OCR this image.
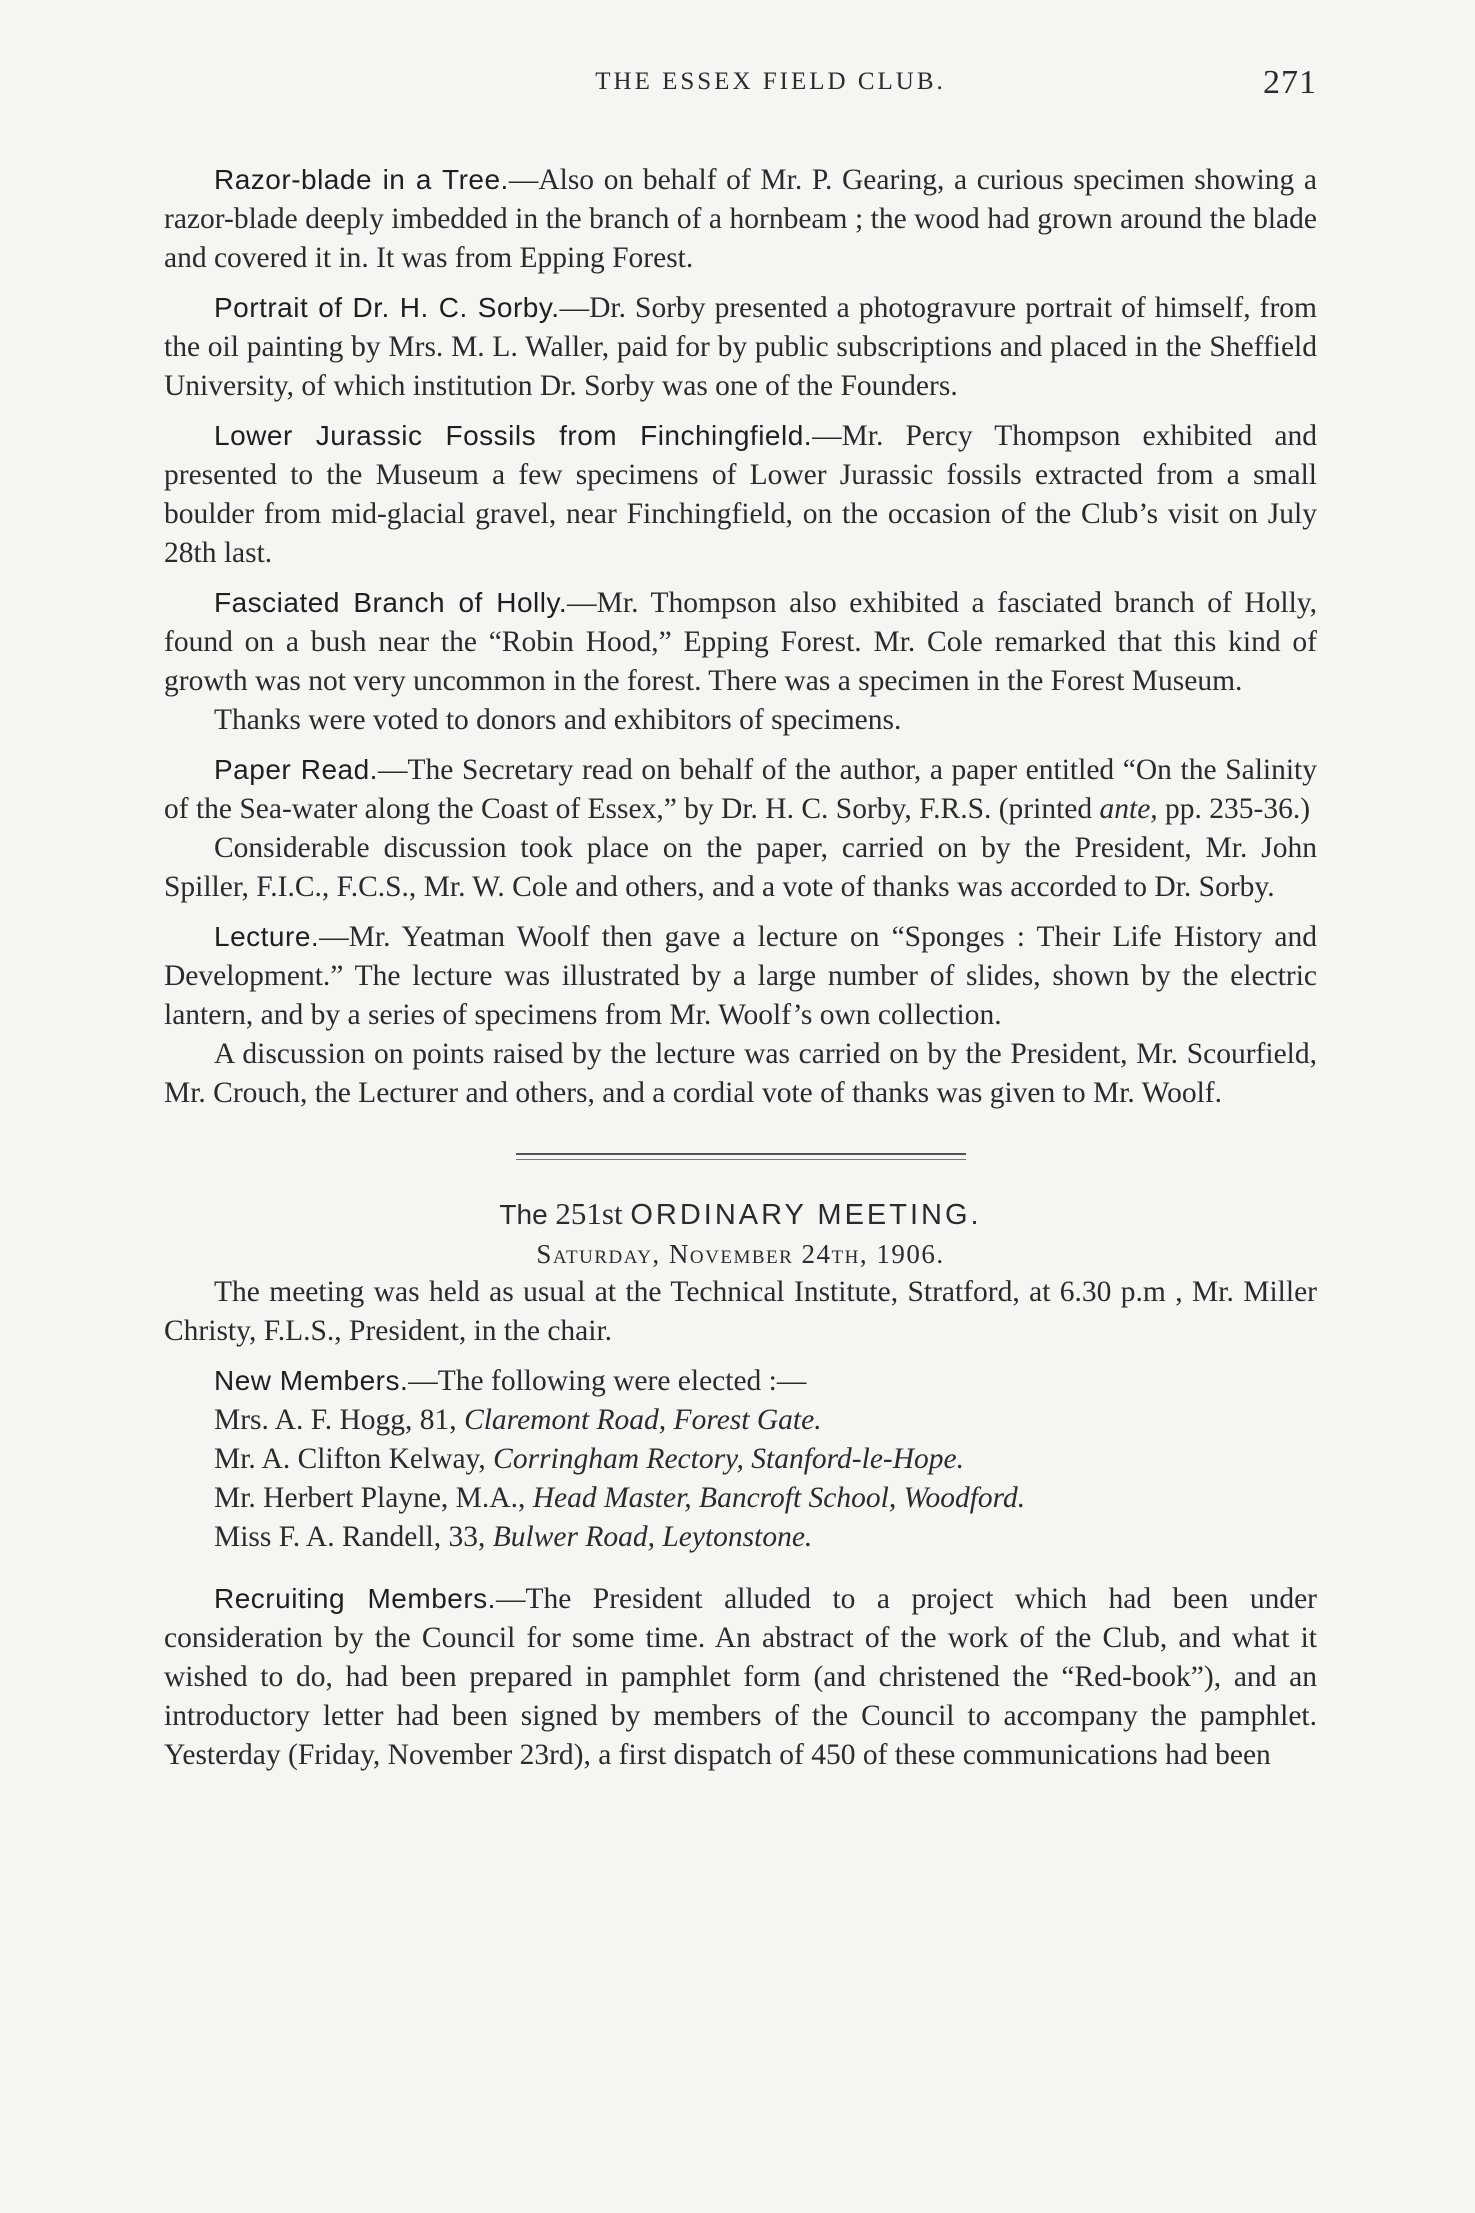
THE ESSEX FIELD CLUB.	271

Razor-blade in a Tree.—Also on behalf of Mr. P. Gearing, a curious specimen showing a razor-blade deeply imbedded in the branch of a hornbeam ; the wood had grown around the blade and covered it in. It was from Epping Forest.

Portrait of Dr. H. C. Sorby.—Dr. Sorby presented a photogravure portrait of himself, from the oil painting by Mrs. M. L. Waller, paid for by public subscriptions and placed in the Sheffield University, of which institution Dr. Sorby was one of the Founders.

Lower Jurassic Fossils from Finchingfield.—Mr. Percy Thompson exhibited and presented to the Museum a few specimens of Lower Jurassic fossils extracted from a small boulder from mid-glacial gravel, near Finchingfield, on the occasion of the Club’s visit on July 28th last.

Fasciated Branch of Holly.—Mr. Thompson also exhibited a fasciated branch of Holly, found on a bush near the “Robin Hood,” Epping Forest. Mr. Cole remarked that this kind of growth was not very uncommon in the forest. There was a specimen in the Forest Museum.

Thanks were voted to donors and exhibitors of specimens.

Paper Read.—The Secretary read on behalf of the author, a paper entitled “On the Salinity of the Sea-water along the Coast of Essex,” by Dr. H. C. Sorby, F.R.S. (printed ante, pp. 235-36.)

Considerable discussion took place on the paper, carried on by the President, Mr. John Spiller, F.I.C., F.C.S., Mr. W. Cole and others, and a vote of thanks was accorded to Dr. Sorby.

Lecture.—Mr. Yeatman Woolf then gave a lecture on “Sponges : Their Life History and Development.” The lecture was illustrated by a large number of slides, shown by the electric lantern, and by a series of specimens from Mr. Woolf’s own collection.

A discussion on points raised by the lecture was carried on by the President, Mr. Scourfield, Mr. Crouch, the Lecturer and others, and a cordial vote of thanks was given to Mr. Woolf.

The 251st ORDINARY MEETING.
Saturday, November 24th, 1906.

The meeting was held as usual at the Technical Institute, Stratford, at 6.30 p.m , Mr. Miller Christy, F.L.S., President, in the chair.

New Members.—The following were elected :—

Mrs. A. F. Hogg, 81, Claremont Road, Forest Gate.
Mr. A. Clifton Kelway, Corringham Rectory, Stanford-le-Hope.
Mr. Herbert Playne, M.A., Head Master, Bancroft School, Woodford.
Miss F. A. Randell, 33, Bulwer Road, Leytonstone.

Recruiting Members.—The President alluded to a project which had been under consideration by the Council for some time. An abstract of the work of the Club, and what it wished to do, had been prepared in pamphlet form (and christened the “Red-book”), and an introductory letter had been signed by members of the Council to accompany the pamphlet. Yesterday (Friday, November 23rd), a first dispatch of 450 of these communications had been
